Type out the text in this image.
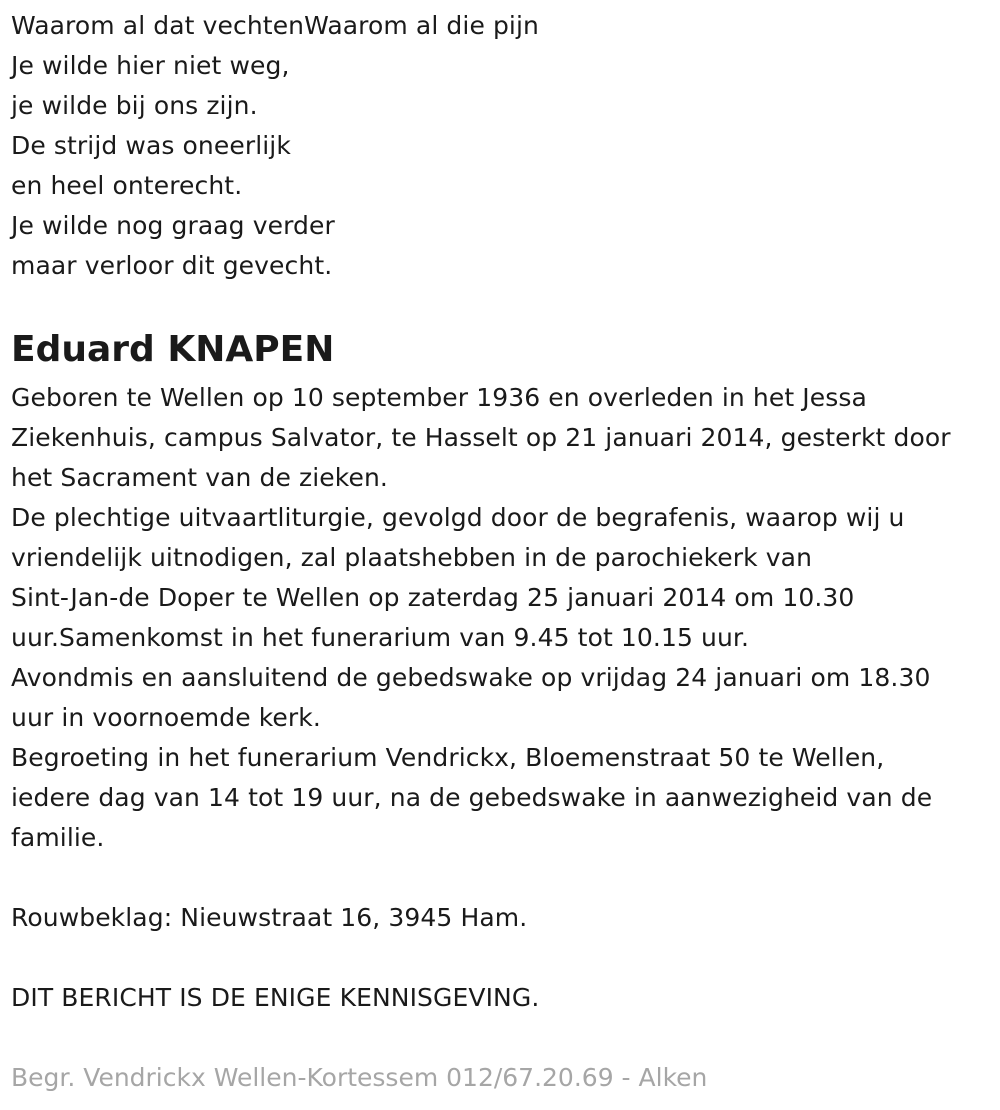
Waarom al dat vechtenWaarom al die pijn
Je wilde hier niet weg,
je wilde bij ons zijn.
De strijd was oneerlijk
en heel onterecht.
Je wilde nog graag verder
maar verloor dit gevecht.
Eduard KNAPEN
Geboren te Wellen op 10 september 1936 en overleden in het Jessa
Ziekenhuis, campus Salvator, te Hasselt op 21 januari 2014, gesterkt door
het Sacrament van de zieken.
De plechtige uitvaartliturgie, gevolgd door de begrafenis, waarop wij u
vriendelijk uitnodigen, zal plaatshebben in de parochiekerk van
Sint-Jan-de Doper te Wellen op zaterdag 25 januari 2014 om 10.30
uur.Samenkomst in het funerarium van 9.45 tot 10.15 uur.
Avondmis en aansluitend de gebedswake op vrijdag 24 januari om 18.30
uur in voornoemde kerk.
Begroeting in het funerarium Vendrickx, Bloemenstraat 50 te Wellen,
iedere dag van 14 tot 19 uur, na de gebedswake in aanwezigheid van de
familie.
Rouwbeklag: Nieuwstraat 16, 3945 Ham.
DIT BERICHT IS DE ENIGE KENNISGEVING.
Begr. Vendrickx Wellen-Kortessem 012/67.20.69 - Alken
